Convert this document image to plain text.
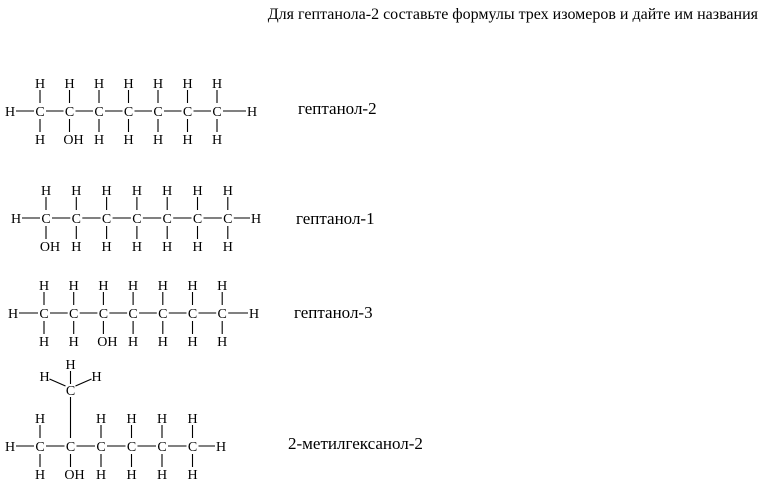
Для гептанола-2 составьте формулы трех изомеров и дайте им названия
C
H
H
C
H
OH
C
H
H
C
H
H
C
H
H
C
H
H
C
H
H
H	H
C
H
OH
C
H
H
C
H
H
C
H
H
C
H
H
C
H
H
C
H
H
H	H
C
H
H
C
H
H
C
H
OH
C
H
H
C
H
H
C
H
H
C
H
H
H	H
C
H
H
C
C
H
H	H
OH
C
H
H
C
H
H
C
H
H
C
H
H
H	H
гептанол-2
гептанол-1
гептанол-3
2-метилгексанол-2
